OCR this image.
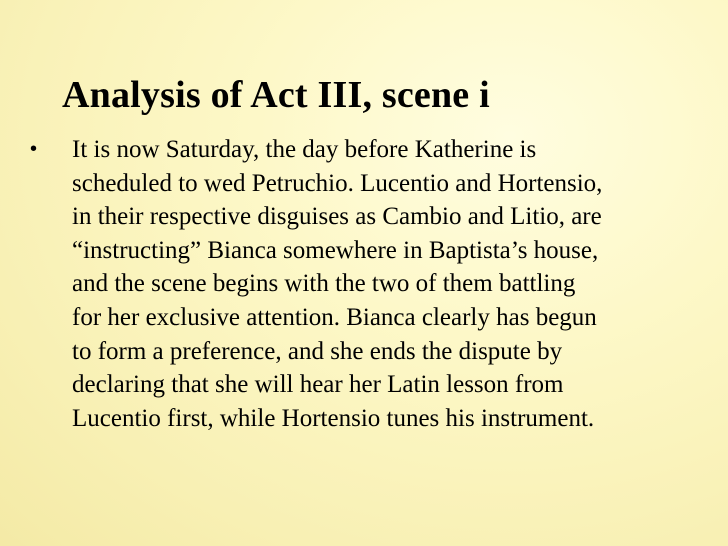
Analysis of Act III, scene i
• It is now Saturday, the day before Katherine is
scheduled to wed Petruchio. Lucentio and Hortensio,
in their respective disguises as Cambio and Litio, are
“instructing” Bianca somewhere in Baptista’s house,
and the scene begins with the two of them battling
for her exclusive attention. Bianca clearly has begun
to form a preference, and she ends the dispute by
declaring that she will hear her Latin lesson from
Lucentio first, while Hortensio tunes his instrument.
